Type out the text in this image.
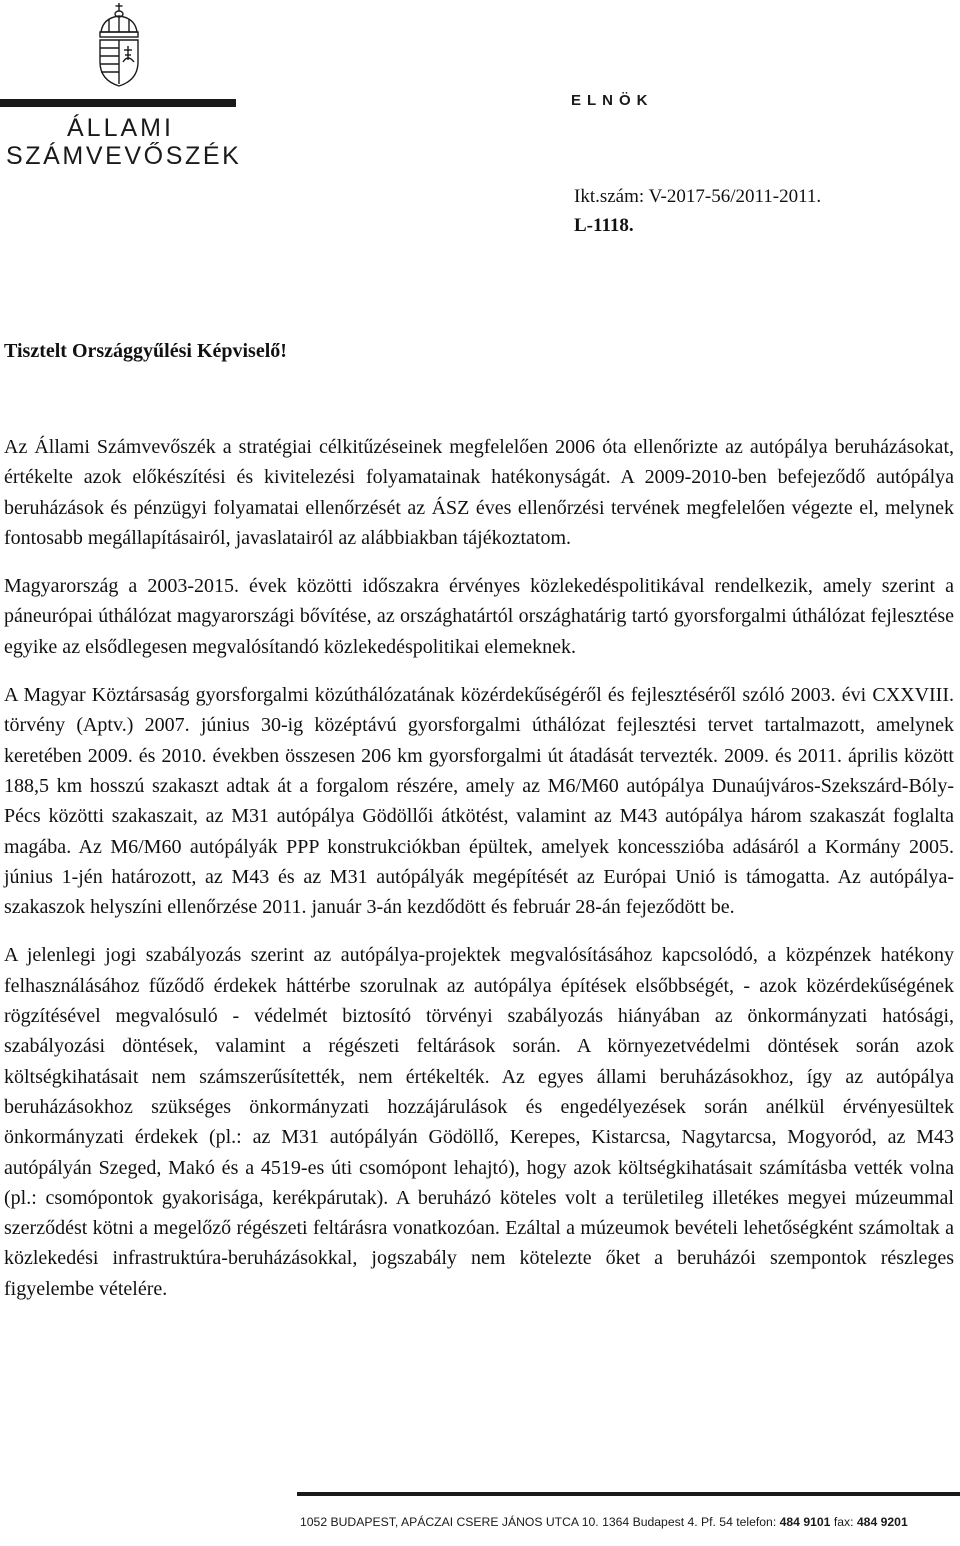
ÁLLAMI
SZÁMVEVŐSZÉK
ELNÖK
Ikt.szám: V-2017-56/2011-2011.
L-1118.
Tisztelt Országgyűlési Képviselő!

Az Állami Számvevőszék a stratégiai célkitűzéseinek megfelelően 2006 óta ellenőrizte az autópálya beruházásokat, értékelte azok előkészítési és kivitelezési folyamatainak hatékonyságát. A 2009-2010-ben befejeződő autópálya beruházások és pénzügyi folyamatai ellenőrzését az ÁSZ éves ellenőrzési tervének megfelelően végezte el, melynek fontosabb megállapításairól, javaslatairól az alábbiakban tájékoztatom.

Magyarország a 2003-2015. évek közötti időszakra érvényes közlekedéspolitikával rendelkezik, amely szerint a páneurópai úthálózat magyarországi bővítése, az országhatártól országhatárig tartó gyorsforgalmi úthálózat fejlesztése egyike az elsődlegesen megvalósítandó közlekedéspolitikai elemeknek.

A Magyar Köztársaság gyorsforgalmi közúthálózatának közérdekűségéről és fejlesztéséről szóló 2003. évi CXXVIII. törvény (Aptv.) 2007. június 30-ig középtávú gyorsforgalmi úthálózat fejlesztési tervet tartalmazott, amelynek keretében 2009. és 2010. években összesen 206 km gyorsforgalmi út átadását tervezték. 2009. és 2011. április között 188,5 km hosszú szakaszt adtak át a forgalom részére, amely az M6/M60 autópálya Dunaújváros-Szekszárd-Bóly-Pécs közötti szakaszait, az M31 autópálya Gödöllői átkötést, valamint az M43 autópálya három szakaszát foglalta magába. Az M6/M60 autópályák PPP konstrukciókban épültek, amelyek koncesszióba adásáról a Kormány 2005. június 1-jén határozott, az M43 és az M31 autópályák megépítését az Európai Unió is támogatta. Az autópálya-szakaszok helyszíni ellenőrzése 2011. január 3-án kezdődött és február 28-án fejeződött be.

A jelenlegi jogi szabályozás szerint az autópálya-projektek megvalósításához kapcsolódó, a közpénzek hatékony felhasználásához fűződő érdekek háttérbe szorulnak az autópálya építések elsőbbségét, - azok közérdekűségének rögzítésével megvalósuló - védelmét biztosító törvényi szabályozás hiányában az önkormányzati hatósági, szabályozási döntések, valamint a régészeti feltárások során. A környezetvédelmi döntések során azok költségkihatásait nem számszerűsítették, nem értékelték. Az egyes állami beruházásokhoz, így az autópálya beruházásokhoz szükséges önkormányzati hozzájárulások és engedélyezések során anélkül érvényesültek önkormányzati érdekek (pl.: az M31 autópályán Gödöllő, Kerepes, Kistarcsa, Nagytarcsa, Mogyoród, az M43 autópályán Szeged, Makó és a 4519-es úti csomópont lehajtó), hogy azok költségkihatásait számításba vették volna (pl.: csomópontok gyakorisága, kerékpárutak). A beruházó köteles volt a területileg illetékes megyei múzeummal szerződést kötni a megelőző régészeti feltárásra vonatkozóan. Ezáltal a múzeumok bevételi lehetőségként számoltak a közlekedési infrastruktúra-beruházásokkal, jogszabály nem kötelezte őket a beruházói szempontok részleges figyelembe vételére.

1052 BUDAPEST, APÁCZAI CSERE JÁNOS UTCA 10. 1364 Budapest 4. Pf. 54 telefon: 484 9101 fax: 484 9201
